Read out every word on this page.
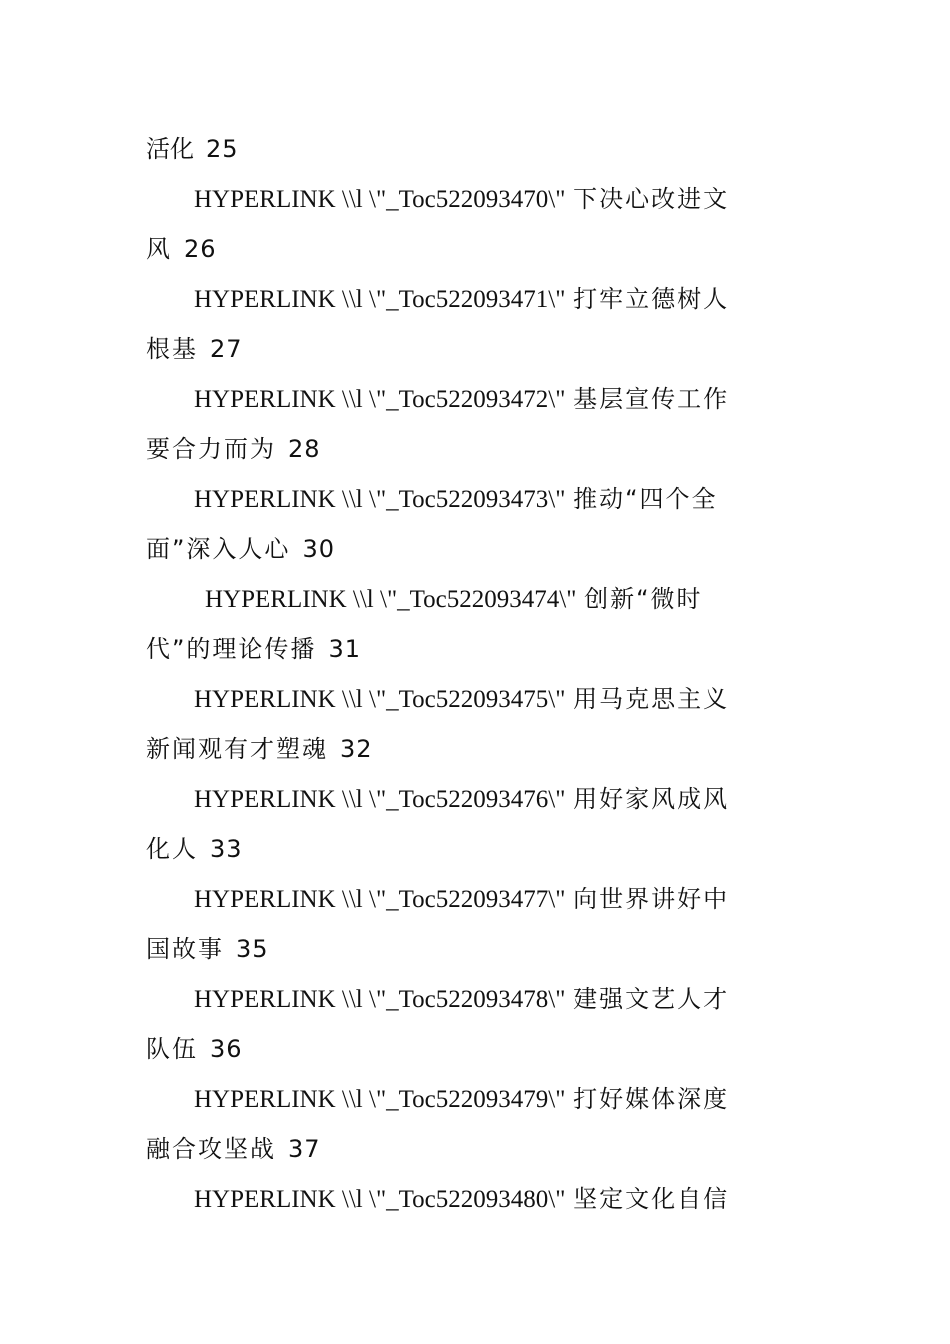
活化 25
HYPERLINK \\l \"_Toc522093470\" 下决心改进文
风 26
HYPERLINK \\l \"_Toc522093471\" 打牢立德树人
根基 27
HYPERLINK \\l \"_Toc522093472\" 基层宣传工作
要合力而为 28
HYPERLINK \\l \"_Toc522093473\" 推动“四个全
面”深入人心 30
HYPERLINK \\l \"_Toc522093474\" 创新“微时
代”的理论传播 31
HYPERLINK \\l \"_Toc522093475\" 用马克思主义
新闻观有才塑魂 32
HYPERLINK \\l \"_Toc522093476\" 用好家风成风
化人 33
HYPERLINK \\l \"_Toc522093477\" 向世界讲好中
国故事 35
HYPERLINK \\l \"_Toc522093478\" 建强文艺人才
队伍 36
HYPERLINK \\l \"_Toc522093479\" 打好媒体深度
融合攻坚战 37
HYPERLINK \\l \"_Toc522093480\" 坚定文化自信
